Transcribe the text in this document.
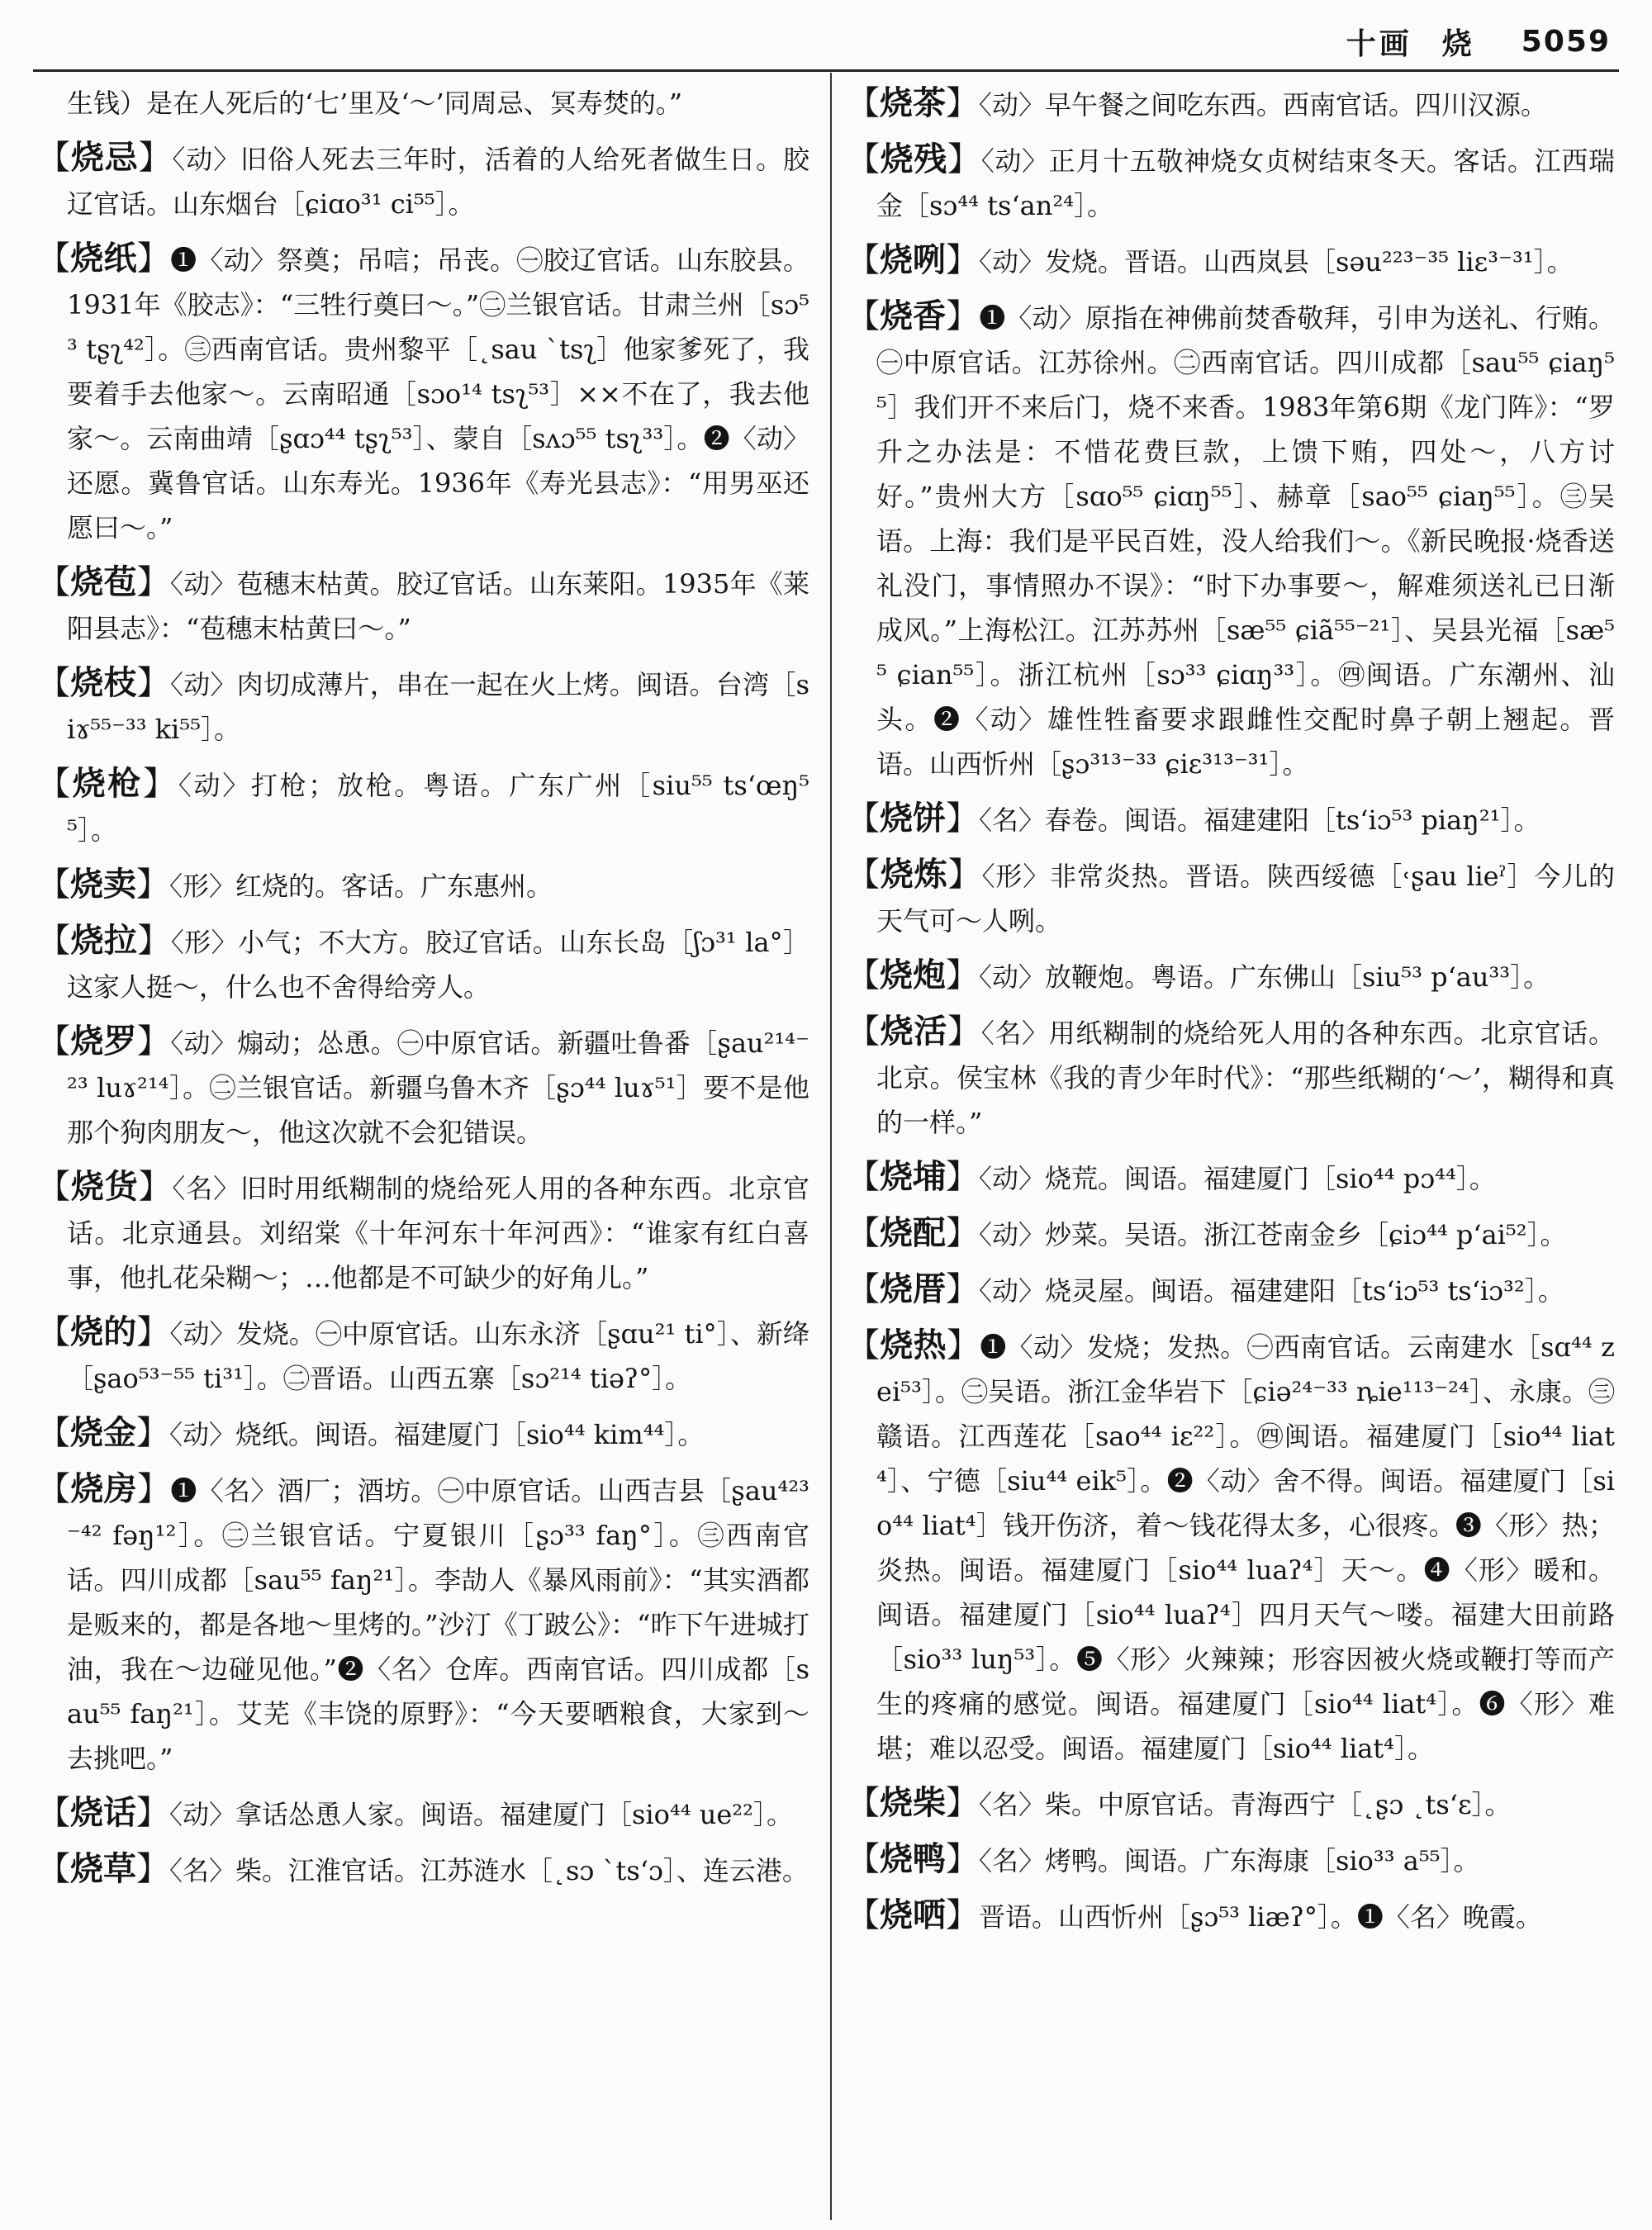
十画 烧 5059

生钱）是在人死后的‘七’里及‘～’同周忌、冥寿焚的。”

【烧忌】〈动〉旧俗人死去三年时，活着的人给死者做生日。胶辽官话。山东烟台［ɕiɑo³¹ ci⁵⁵］。

【烧纸】❶〈动〉祭奠；吊唁；吊丧。㊀胶辽官话。山东胶县。1931年《胶志》：“三牲行奠曰～。”㊁兰银官话。甘肃兰州［sɔ⁵³ tʂʅ⁴²］。㊂西南官话。贵州黎平［˛sau ˋtsʅ］他家爹死了，我要着手去他家～。云南昭通［sɔo¹⁴ tsʅ⁵³］××不在了，我去他家～。云南曲靖［ʂɑɔ⁴⁴ tʂʅ⁵³］、蒙自［sʌɔ⁵⁵ tsʅ³³］。❷〈动〉还愿。冀鲁官话。山东寿光。1936年《寿光县志》：“用男巫还愿曰～。”

【烧苞】〈动〉苞穗末枯黄。胶辽官话。山东莱阳。1935年《莱阳县志》：“苞穗末枯黄曰～。”

【烧枝】〈动〉肉切成薄片，串在一起在火上烤。闽语。台湾［siɤ⁵⁵⁻³³ ki⁵⁵］。

【烧枪】〈动〉打枪；放枪。粤语。广东广州［siu⁵⁵ tsʻœŋ⁵⁵］。

【烧卖】〈形〉红烧的。客话。广东惠州。

【烧拉】〈形〉小气；不大方。胶辽官话。山东长岛［ʃɔ³¹ la°］这家人挺～，什么也不舍得给旁人。

【烧罗】〈动〉煽动；怂恿。㊀中原官话。新疆吐鲁番［ʂau²¹⁴⁻²³ luɤ²¹⁴］。㊁兰银官话。新疆乌鲁木齐［ʂɔ⁴⁴ luɤ⁵¹］要不是他那个狗肉朋友～，他这次就不会犯错误。

【烧货】〈名〉旧时用纸糊制的烧给死人用的各种东西。北京官话。北京通县。刘绍棠《十年河东十年河西》：“谁家有红白喜事，他扎花朵糊～；…他都是不可缺少的好角儿。”

【烧的】〈动〉发烧。㊀中原官话。山东永济［ʂɑu²¹ ti°］、新绛［ʂao⁵³⁻⁵⁵ ti³¹］。㊁晋语。山西五寨［sɔ²¹⁴ tiəʔ°］。

【烧金】〈动〉烧纸。闽语。福建厦门［sio⁴⁴ kim⁴⁴］。

【烧房】❶〈名〉酒厂；酒坊。㊀中原官话。山西吉县［ʂau⁴²³⁻⁴² fəŋ¹²］。㊁兰银官话。宁夏银川［ʂɔ³³ faŋ°］。㊂西南官话。四川成都［sau⁵⁵ faŋ²¹］。李劼人《暴风雨前》：“其实酒都是贩来的，都是各地～里烤的。”沙汀《丁跛公》：“昨下午进城打油，我在～边碰见他。”❷〈名〉仓库。西南官话。四川成都［sau⁵⁵ faŋ²¹］。艾芜《丰饶的原野》：“今天要晒粮食，大家到～去挑吧。”

【烧话】〈动〉拿话怂恿人家。闽语。福建厦门［sio⁴⁴ ue²²］。

【烧草】〈名〉柴。江淮官话。江苏涟水［˛sɔ ˋtsʻɔ］、连云港。

【烧茶】〈动〉早午餐之间吃东西。西南官话。四川汉源。

【烧残】〈动〉正月十五敬神烧女贞树结束冬天。客话。江西瑞金［sɔ⁴⁴ tsʻan²⁴］。

【烧咧】〈动〉发烧。晋语。山西岚县［səu²²³⁻³⁵ liɛ³⁻³¹］。

【烧香】❶〈动〉原指在神佛前焚香敬拜，引申为送礼、行贿。㊀中原官话。江苏徐州。㊁西南官话。四川成都［sau⁵⁵ ɕiaŋ⁵⁵］我们开不来后门，烧不来香。1983年第6期《龙门阵》：“罗升之办法是：不惜花费巨款，上馈下贿，四处～，八方讨好。”贵州大方［sɑo⁵⁵ ɕiɑŋ⁵⁵］、赫章［sao⁵⁵ ɕiaŋ⁵⁵］。㊂吴语。上海：我们是平民百姓，没人给我们～。《新民晚报·烧香送礼没门，事情照办不误》：“时下办事要～，解难须送礼已日渐成风。”上海松江。江苏苏州［sæ⁵⁵ ɕiã⁵⁵⁻²¹］、吴县光福［sæ⁵⁵ ɕian⁵⁵］。浙江杭州［sɔ³³ ɕiɑŋ³³］。㊃闽语。广东潮州、汕头。❷〈动〉雄性牲畜要求跟雌性交配时鼻子朝上翘起。晋语。山西忻州［ʂɔ³¹³⁻³³ ɕiɛ³¹³⁻³¹］。

【烧饼】〈名〉春卷。闽语。福建建阳［tsʻiɔ⁵³ piaŋ²¹］。

【烧炼】〈形〉非常炎热。晋语。陕西绥德［˓ʂau lieˀ］今儿的天气可～人咧。

【烧炮】〈动〉放鞭炮。粤语。广东佛山［siu⁵³ pʻau³³］。

【烧活】〈名〉用纸糊制的烧给死人用的各种东西。北京官话。北京。侯宝林《我的青少年时代》：“那些纸糊的‘～’，糊得和真的一样。”

【烧埔】〈动〉烧荒。闽语。福建厦门［sio⁴⁴ pɔ⁴⁴］。

【烧配】〈动〉炒菜。吴语。浙江苍南金乡［ɕiɔ⁴⁴ pʻai⁵²］。

【烧厝】〈动〉烧灵屋。闽语。福建建阳［tsʻiɔ⁵³ tsʻiɔ³²］。

【烧热】❶〈动〉发烧；发热。㊀西南官话。云南建水［sɑ⁴⁴ zei⁵³］。㊁吴语。浙江金华岩下［ɕiə²⁴⁻³³ ȵie¹¹³⁻²⁴］、永康。㊂赣语。江西莲花［sao⁴⁴ iɛ²²］。㊃闽语。福建厦门［sio⁴⁴ liat⁴］、宁德［siu⁴⁴ eik⁵］。❷〈动〉舍不得。闽语。福建厦门［sio⁴⁴ liat⁴］钱开伤济，着～钱花得太多，心很疼。❸〈形〉热；炎热。闽语。福建厦门［sio⁴⁴ luaʔ⁴］天～。❹〈形〉暖和。闽语。福建厦门［sio⁴⁴ luaʔ⁴］四月天气～喽。福建大田前路［sio³³ luŋ⁵³］。❺〈形〉火辣辣；形容因被火烧或鞭打等而产生的疼痛的感觉。闽语。福建厦门［sio⁴⁴ liat⁴］。❻〈形〉难堪；难以忍受。闽语。福建厦门［sio⁴⁴ liat⁴］。

【烧柴】〈名〉柴。中原官话。青海西宁［˛ʂɔ ˛tsʻɛ］。

【烧鸭】〈名〉烤鸭。闽语。广东海康［sio³³ a⁵⁵］。

【烧哂】晋语。山西忻州［ʂɔ⁵³ liæʔ°］。❶〈名〉晚霞。
